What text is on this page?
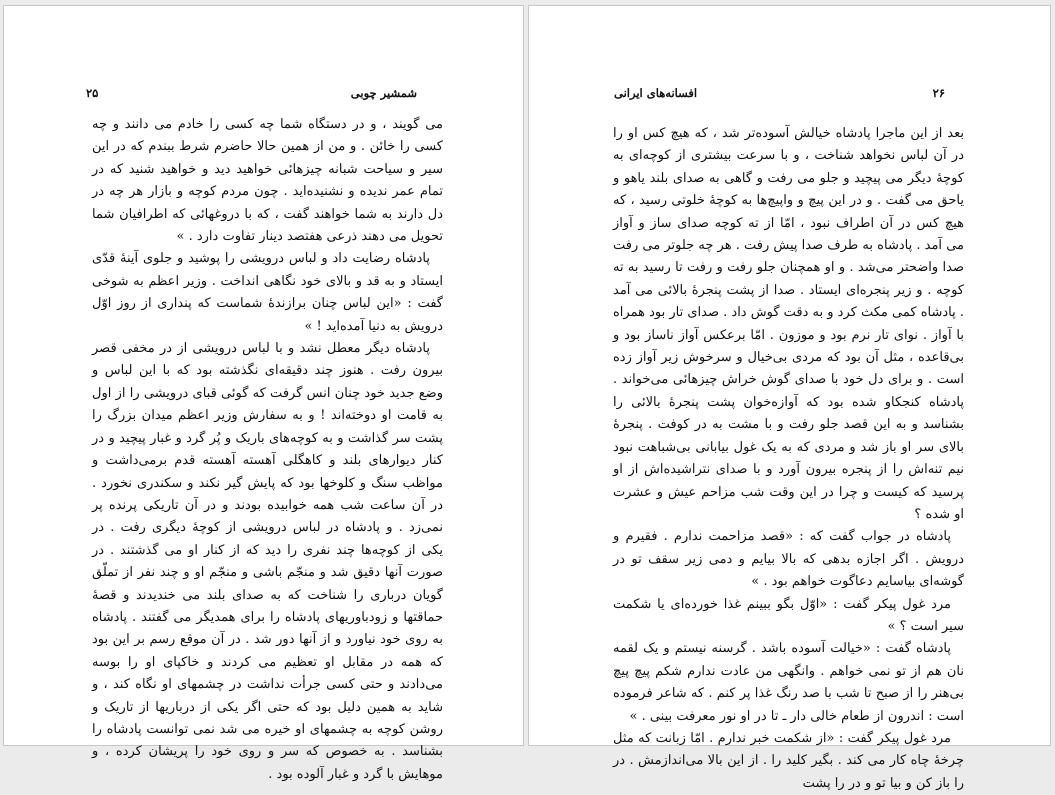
شمشیر چوبی
۲۵

می گویند ، و در دستگاه شما چه کسی را خادم می دانند و چه کسی را خائن . و من از همین حالا حاضرم شرط ببندم که در این سیر و سیاحت شبانه چیزهائی خواهید دید و خواهید شنید که در تمام عمر ندیده و نشنیده‌اید . چون مردم کوچه و بازار هر چه در دل دارند به شما خواهند گفت ، که با دروغهائی که اطرافیان شما تحویل می دهند ذرعی هفتصد دینار تفاوت دارد . »

پادشاه رضایت داد و لباس درویشی را پوشید و جلوی آینهٔ قدّی ایستاد و به قد و بالای خود نگاهی انداخت . وزیر اعظم به شوخی گفت : «این لباس چنان برازندهٔ شماست که پنداری از روز اوّل درویش به دنیا آمده‌اید ! »

پادشاه دیگر معطل نشد و با لباس درویشی از در مخفی قصر بیرون رفت . هنوز چند دقیقه‌ای نگذشته بود که با این لباس و وضع جدید خود چنان انس گرفت که گوئی قبای درویشی را از اول به قامت او دوخته‌اند ! و به سفارش وزیر اعظم میدان بزرگ را پشت سر گذاشت و به کوچه‌های باریک و پُر گرد و غبار پیچید و در کنار دیوارهای بلند و کاهگلی آهسته آهسته قدم برمی‌داشت و مواظب سنگ و کلوخها بود که پایش گیر نکند و سکندری نخورد . در آن ساعت شب همه خوابیده بودند و در آن تاریکی پرنده پر نمی‌زد . و پادشاه در لباس درویشی از کوچهٔ دیگری رفت . در یکی از کوچه‌ها چند نفری را دید که از کنار او می گذشتند . در صورت آنها دقیق شد و منجّم باشی و منجّم او و چند نفر از تملّق گویان درباری را شناخت که به صدای بلند می خندیدند و قصهٔ حماقتها و زودباوریهای پادشاه را برای همدیگر می گفتند . پادشاه به روی خود نیاورد و از آنها دور شد . در آن موقع رسم بر این بود که همه در مقابل او تعظیم می کردند و خاکپای او را بوسه می‌دادند و حتی کسی جرأت نداشت در چشمهای او نگاه کند ، و شاید به همین دلیل بود که حتی اگر یکی از درباریها از تاریک و روشن کوچه به چشمهای او خیره می شد نمی توانست پادشاه را بشناسد . به خصوص که سر و روی خود را پریشان کرده ، و موهایش با گرد و غبار آلوده بود .

۲۶
افسانه‌های ایرانی

بعد از این ماجرا پادشاه خیالش آسوده‌تر شد ، که هیچ کس او را در آن لباس نخواهد شناخت ، و با سرعت بیشتری از کوچه‌ای به کوچهٔ دیگر می پیچید و جلو می رفت و گاهی به صدای بلند یاهو و یاحق می گفت . و در این پیچ و واپیچ‌ها به کوچهٔ خلوتی رسید ، که هیچ کس در آن اطراف نبود ، امّا از ته کوچه صدای ساز و آواز می آمد . پادشاه به طرف صدا پیش رفت . هر چه جلوتر می رفت صدا واضحتر می‌شد . و او همچنان جلو رفت و رفت تا رسید به ته کوچه . و زیر پنجره‌ای ایستاد . صدا از پشت پنجرهٔ بالائی می آمد . پادشاه کمی مکث کرد و به دقت گوش داد . صدای تار بود همراه با آواز . نوای تار نرم بود و موزون . امّا برعکس آواز ناساز بود و بی‌قاعده ، مثل آن بود که مردی بی‌خیال و سرخوش زیر آواز زده است . و برای دل خود با صدای گوش خراش چیزهائی می‌خواند . پادشاه کنجکاو شده بود که آوازه‌خوان پشت پنجرهٔ بالائی را بشناسد و به این قصد جلو رفت و با مشت به در کوفت . پنجرهٔ بالای سر او باز شد و مردی که به یک غول بیابانی بی‌شباهت نبود نیم تنه‌اش را از پنجره بیرون آورد و با صدای نتراشیده‌اش از او پرسید که کیست و چرا در این وقت شب مزاحم عیش و عشرت او شده ؟

پادشاه در جواب گفت که : «قصد مزاحمت ندارم . فقیرم و درویش . اگر اجازه بدهی که بالا بیایم و دمی زیر سقف تو در گوشه‌ای بیاسایم دعاگوت خواهم بود . »

مرد غول پیکر گفت : «اوّل بگو ببینم غذا خورده‌ای یا شکمت سیر است ؟ »

پادشاه گفت : «خیالت آسوده باشد . گرسنه نیستم و یک لقمه نان هم از تو نمی خواهم . وانگهی من عادت ندارم شکم پیچ پیچ بی‌هنر را از صبح تا شب با صد رنگ غذا پر کنم . که شاعر فرموده است : اندرون از طعام خالی دار ـ تا در او نور معرفت بینی . »

مرد غول پیکر گفت : «از شکمت خبر ندارم . امّا زبانت که مثل چرخهٔ چاه کار می کند . بگیر کلید را . از این بالا می‌اندازمش . در را باز کن و بیا تو و در را پشت
